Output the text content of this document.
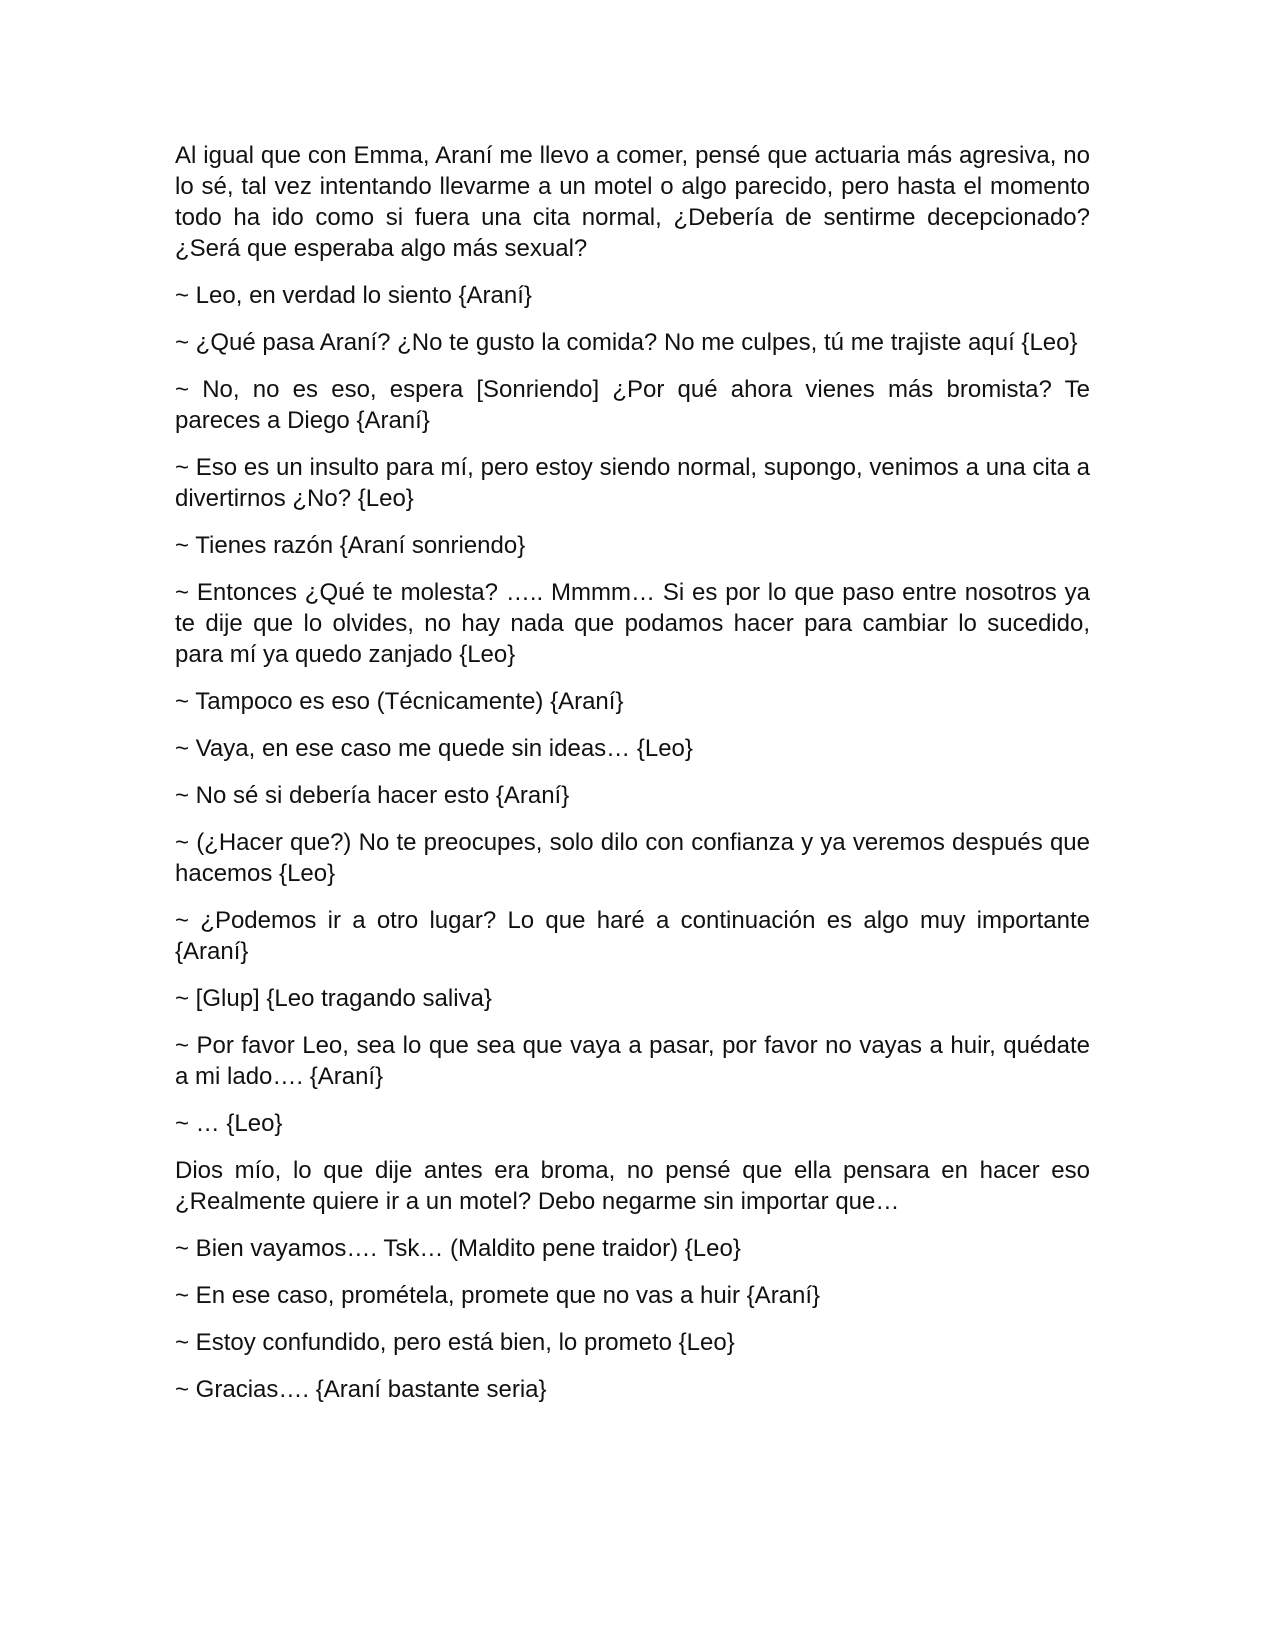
Al igual que con Emma, Araní me llevo a comer, pensé que actuaria más agresiva, no lo sé, tal vez intentando llevarme a un motel o algo parecido, pero hasta el momento todo ha ido como si fuera una cita normal, ¿Debería de sentirme decepcionado? ¿Será que esperaba algo más sexual?

~ Leo, en verdad lo siento {Araní}

~ ¿Qué pasa Araní? ¿No te gusto la comida? No me culpes, tú me trajiste aquí {Leo}

~ No, no es eso, espera [Sonriendo] ¿Por qué ahora vienes más bromista? Te pareces a Diego {Araní}

~ Eso es un insulto para mí, pero estoy siendo normal, supongo, venimos a una cita a divertirnos ¿No? {Leo}

~ Tienes razón {Araní sonriendo}

~ Entonces ¿Qué te molesta? ….. Mmmm… Si es por lo que paso entre nosotros ya te dije que lo olvides, no hay nada que podamos hacer para cambiar lo sucedido, para mí ya quedo zanjado {Leo}

~ Tampoco es eso (Técnicamente) {Araní}

~ Vaya, en ese caso me quede sin ideas… {Leo}

~ No sé si debería hacer esto {Araní}

~ (¿Hacer que?) No te preocupes, solo dilo con confianza y ya veremos después que hacemos {Leo}

~ ¿Podemos ir a otro lugar? Lo que haré a continuación es algo muy importante {Araní}

~ [Glup] {Leo tragando saliva}

~ Por favor Leo, sea lo que sea que vaya a pasar, por favor no vayas a huir, quédate a mi lado…. {Araní}

~ … {Leo}

Dios mío, lo que dije antes era broma, no pensé que ella pensara en hacer eso ¿Realmente quiere ir a un motel? Debo negarme sin importar que…

~ Bien vayamos…. Tsk… (Maldito pene traidor) {Leo}

~ En ese caso, prométela, promete que no vas a huir {Araní}

~ Estoy confundido, pero está bien, lo prometo {Leo}

~ Gracias…. {Araní bastante seria}
